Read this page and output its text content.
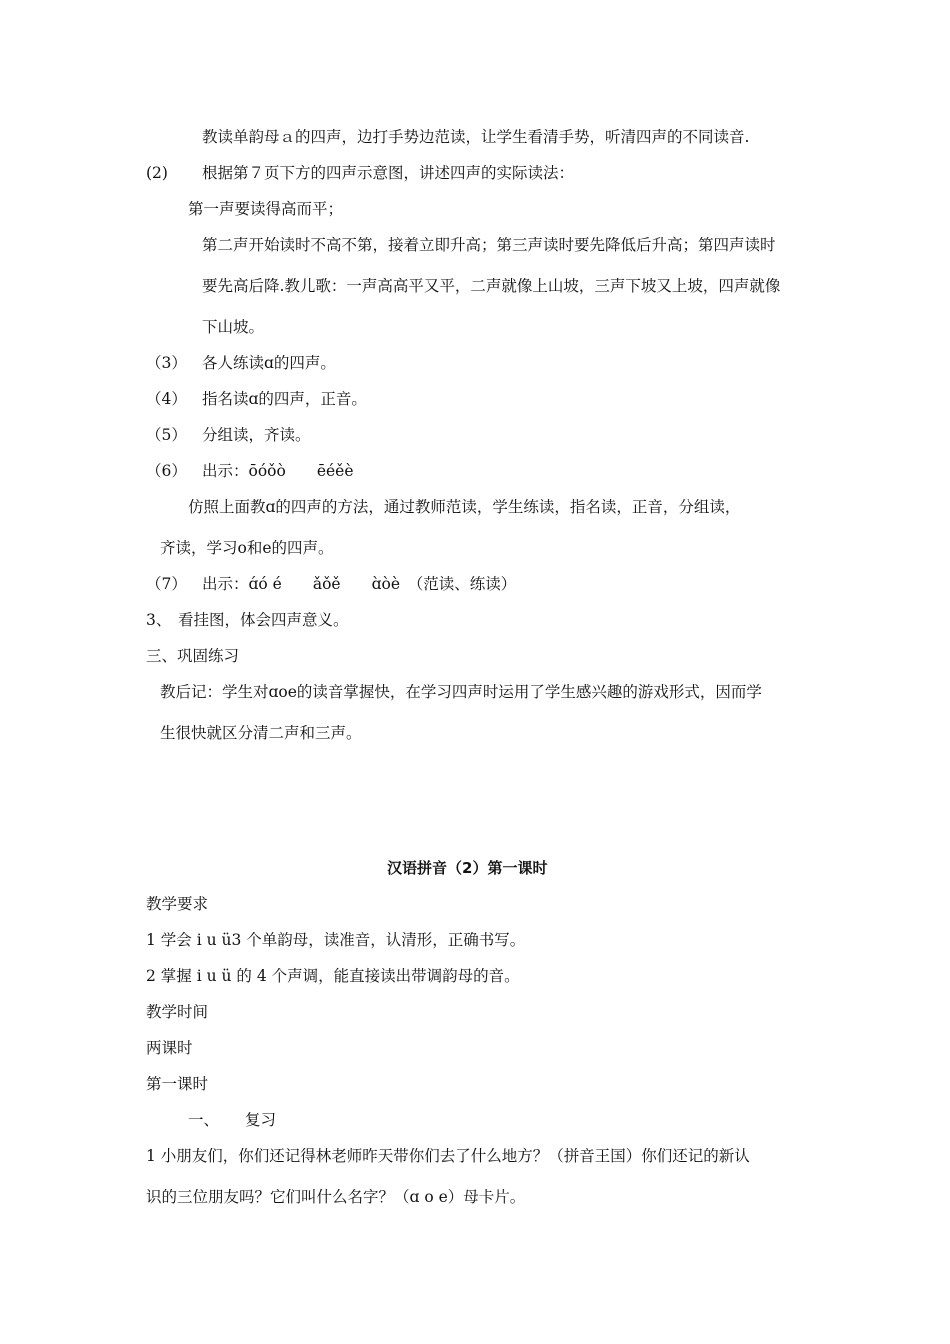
教读单韵母ａ的四声，边打手势边范读，让学生看清手势，听清四声的不同读音.
(2) 根据第７页下方的四声示意图，讲述四声的实际读法：
第一声要读得高而平；
第二声开始读时不高不第，接着立即升高；第三声读时要先降低后升高；第四声读时
要先高后降.教儿歌：一声高高平又平，二声就像上山坡，三声下坡又上坡，四声就像
下山坡。
（3） 各人练读ɑ的四声。
（4） 指名读ɑ的四声，正音。
（5） 分组读，齐读。
（6） 出示：ōóǒò　　ēéěè
仿照上面教ɑ的四声的方法，通过教师范读，学生练读，指名读，正音，分组读，
齐读，学习o和e的四声。
（7） 出示：ɑ́ó é　　ǎǒě　　ɑ̀òè　（范读、练读）
3、 看挂图，体会四声意义。
三、巩固练习
教后记：学生对ɑoe的读音掌握快，在学习四声时运用了学生感兴趣的游戏形式，因而学
生很快就区分清二声和三声。
汉语拼音（2）第一课时
教学要求
1 学会 i u ü3 个单韵母，读准音，认清形，正确书写。
2 掌握 i u ü 的 4 个声调，能直接读出带调韵母的音。
教学时间
两课时
第一课时
一、 复习
1 小朋友们，你们还记得林老师昨天带你们去了什么地方？（拼音王国）你们还记的新认
识的三位朋友吗？它们叫什么名字？（ɑ o e）母卡片。
